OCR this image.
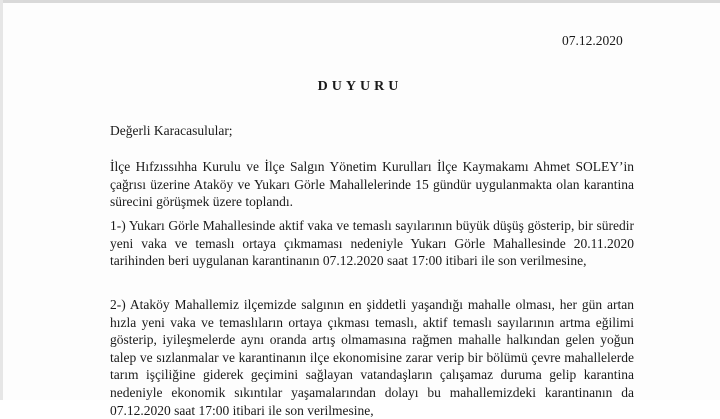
07.12.2020
DUYURU
Değerli Karacasulular;
İlçe Hıfzıssıhha Kurulu ve İlçe Salgın Yönetim Kurulları İlçe Kaymakamı Ahmet SOLEY’in çağrısı üzerine Ataköy ve Yukarı Görle Mahallelerinde 15 gündür uygulanmakta olan karantina sürecini görüşmek üzere toplandı.
1-) Yukarı Görle Mahallesinde aktif vaka ve temaslı sayılarının büyük düşüş gösterip, bir süredir yeni vaka ve temaslı ortaya çıkmaması nedeniyle Yukarı Görle Mahallesinde 20.11.2020 tarihinden beri uygulanan karantinanın 07.12.2020 saat 17:00 itibari ile son verilmesine,
2-) Ataköy Mahallemiz ilçemizde salgının en şiddetli yaşandığı mahalle olması, her gün artan hızla yeni vaka ve temaslıların ortaya çıkması temaslı, aktif temaslı sayılarının artma eğilimi gösterip, iyileşmelerde aynı oranda artış olmamasına rağmen mahalle halkından gelen yoğun talep ve sızlanmalar ve karantinanın ilçe ekonomisine zarar verip bir bölümü çevre mahallelerde tarım işçiliğine giderek geçimini sağlayan vatandaşların çalışamaz duruma gelip karantina nedeniyle ekonomik sıkıntılar yaşamalarından dolayı bu mahallemizdeki karantinanın da 07.12.2020 saat 17:00 itibari ile son verilmesine,
